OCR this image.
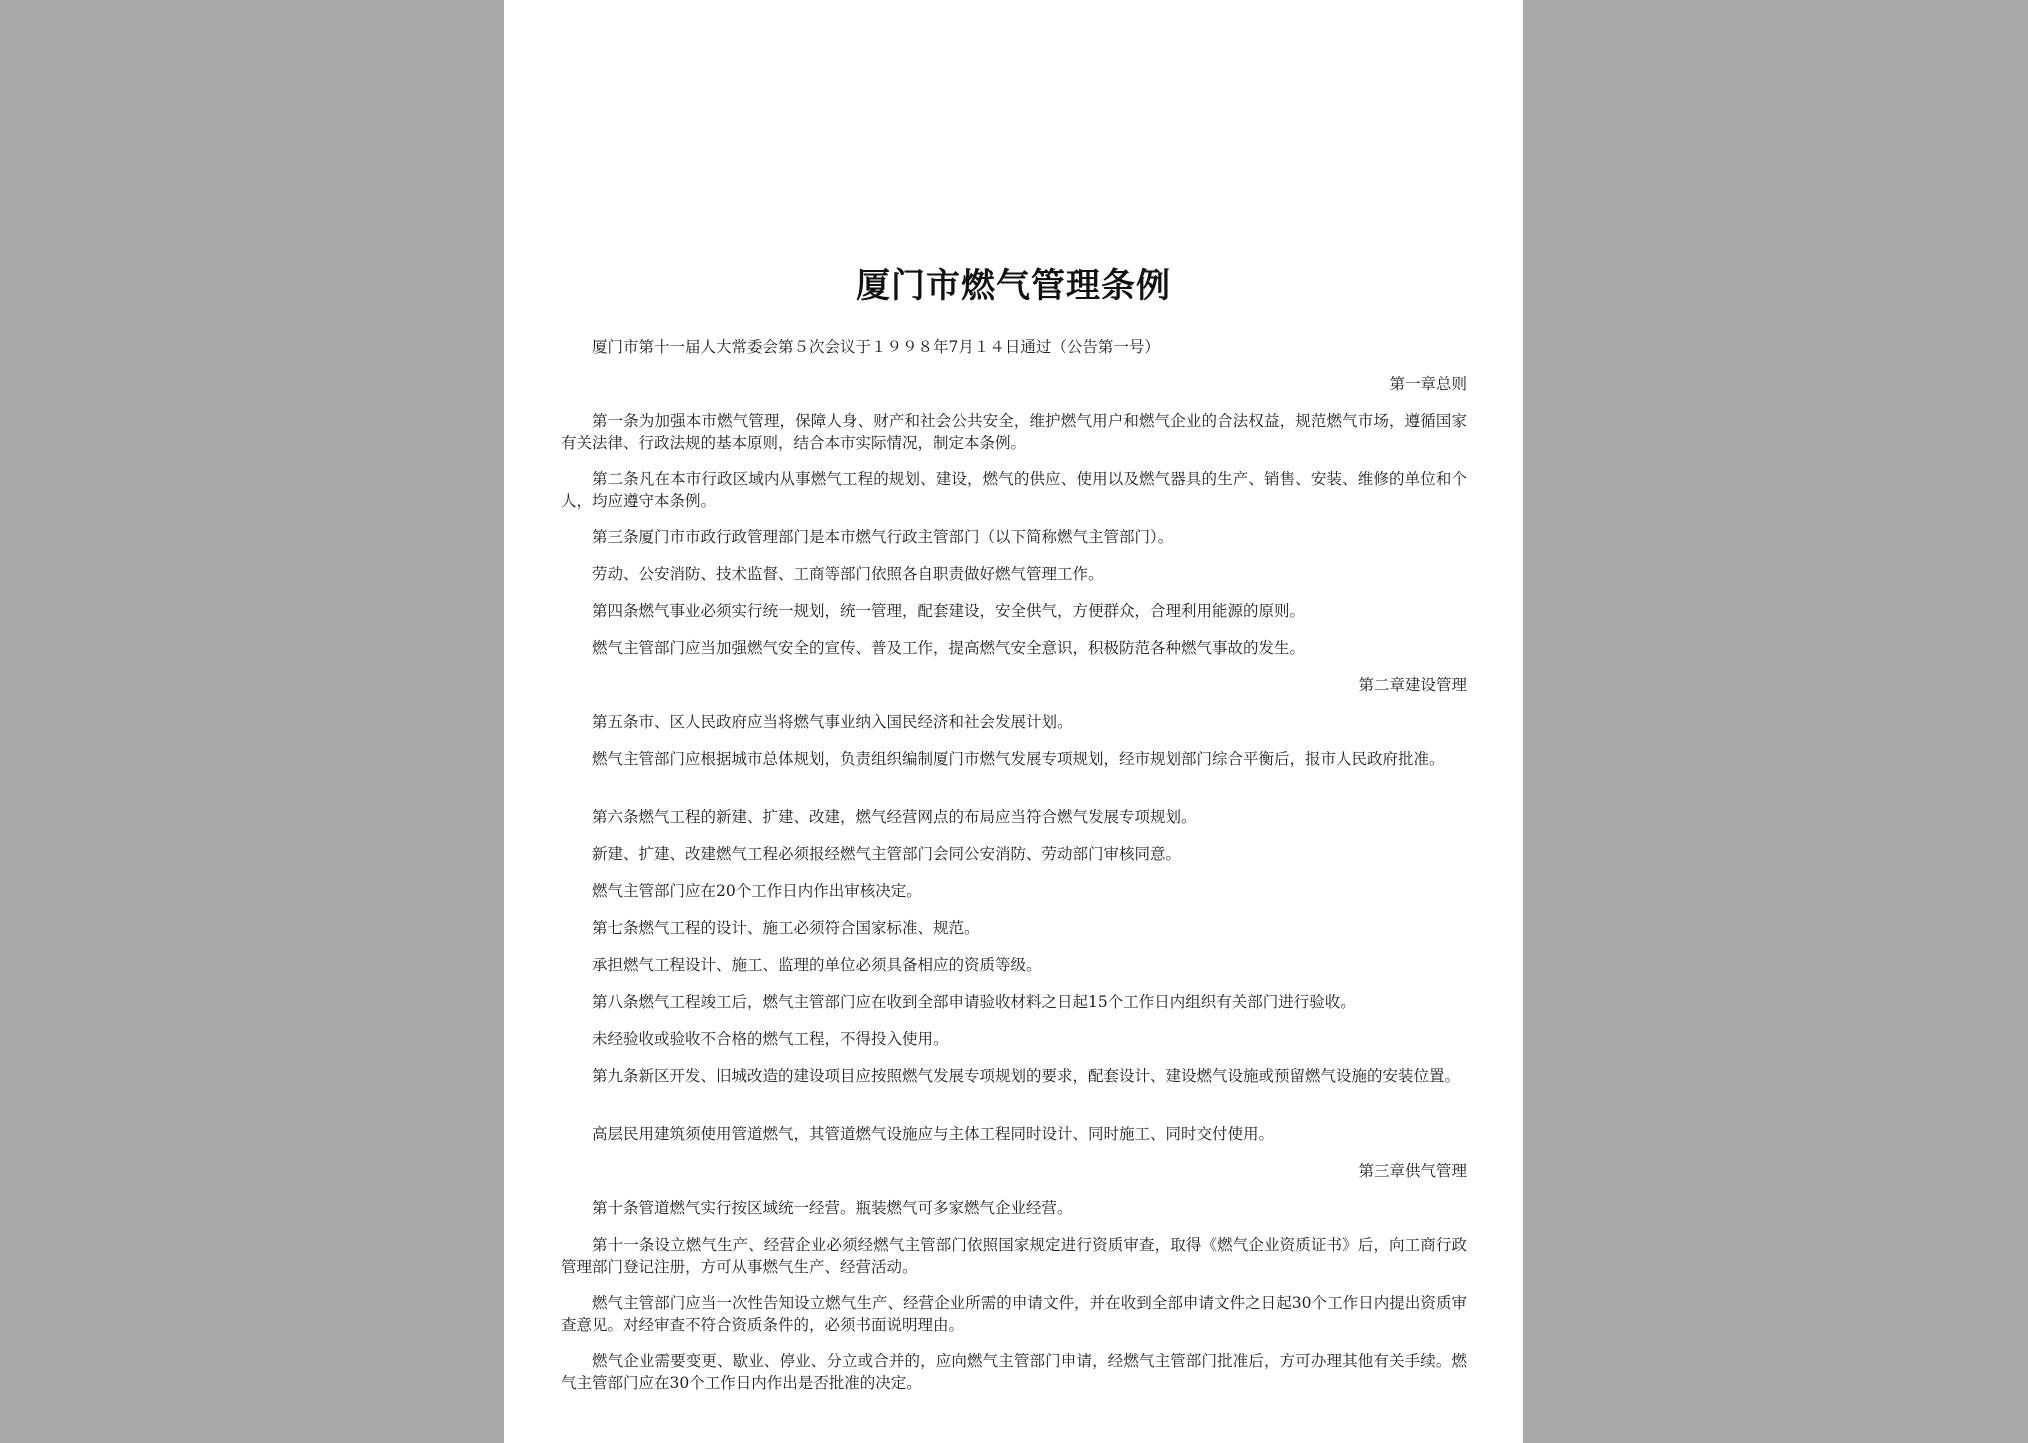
厦门市燃气管理条例
厦门市第十一届人大常委会第５次会议于１９９８年7月１４日通过（公告第一号）
第一章总则
第一条为加强本市燃气管理，保障人身、财产和社会公共安全，维护燃气用户和燃气企业的合法权益，规范燃气市场，遵循国家有关法律、行政法规的基本原则，结合本市实际情况，制定本条例。
第二条凡在本市行政区域内从事燃气工程的规划、建设，燃气的供应、使用以及燃气器具的生产、销售、安装、维修的单位和个人，均应遵守本条例。
第三条厦门市市政行政管理部门是本市燃气行政主管部门（以下简称燃气主管部门）。
劳动、公安消防、技术监督、工商等部门依照各自职责做好燃气管理工作。
第四条燃气事业必须实行统一规划，统一管理，配套建设，安全供气，方便群众，合理利用能源的原则。
燃气主管部门应当加强燃气安全的宣传、普及工作，提高燃气安全意识，积极防范各种燃气事故的发生。
第二章建设管理
第五条市、区人民政府应当将燃气事业纳入国民经济和社会发展计划。
燃气主管部门应根据城市总体规划，负责组织编制厦门市燃气发展专项规划，经市规划部门综合平衡后，报市人民政府批准。
第六条燃气工程的新建、扩建、改建，燃气经营网点的布局应当符合燃气发展专项规划。
新建、扩建、改建燃气工程必须报经燃气主管部门会同公安消防、劳动部门审核同意。
燃气主管部门应在20个工作日内作出审核决定。
第七条燃气工程的设计、施工必须符合国家标准、规范。
承担燃气工程设计、施工、监理的单位必须具备相应的资质等级。
第八条燃气工程竣工后，燃气主管部门应在收到全部申请验收材料之日起15个工作日内组织有关部门进行验收。
未经验收或验收不合格的燃气工程，不得投入使用。
第九条新区开发、旧城改造的建设项目应按照燃气发展专项规划的要求，配套设计、建设燃气设施或预留燃气设施的安装位置。
高层民用建筑须使用管道燃气，其管道燃气设施应与主体工程同时设计、同时施工、同时交付使用。
第三章供气管理
第十条管道燃气实行按区域统一经营。瓶装燃气可多家燃气企业经营。
第十一条设立燃气生产、经营企业必须经燃气主管部门依照国家规定进行资质审查，取得《燃气企业资质证书》后，向工商行政管理部门登记注册，方可从事燃气生产、经营活动。
燃气主管部门应当一次性告知设立燃气生产、经营企业所需的申请文件，并在收到全部申请文件之日起30个工作日内提出资质审查意见。对经审查不符合资质条件的，必须书面说明理由。
燃气企业需要变更、歇业、停业、分立或合并的，应向燃气主管部门申请，经燃气主管部门批准后，方可办理其他有关手续。燃气主管部门应在30个工作日内作出是否批准的决定。
